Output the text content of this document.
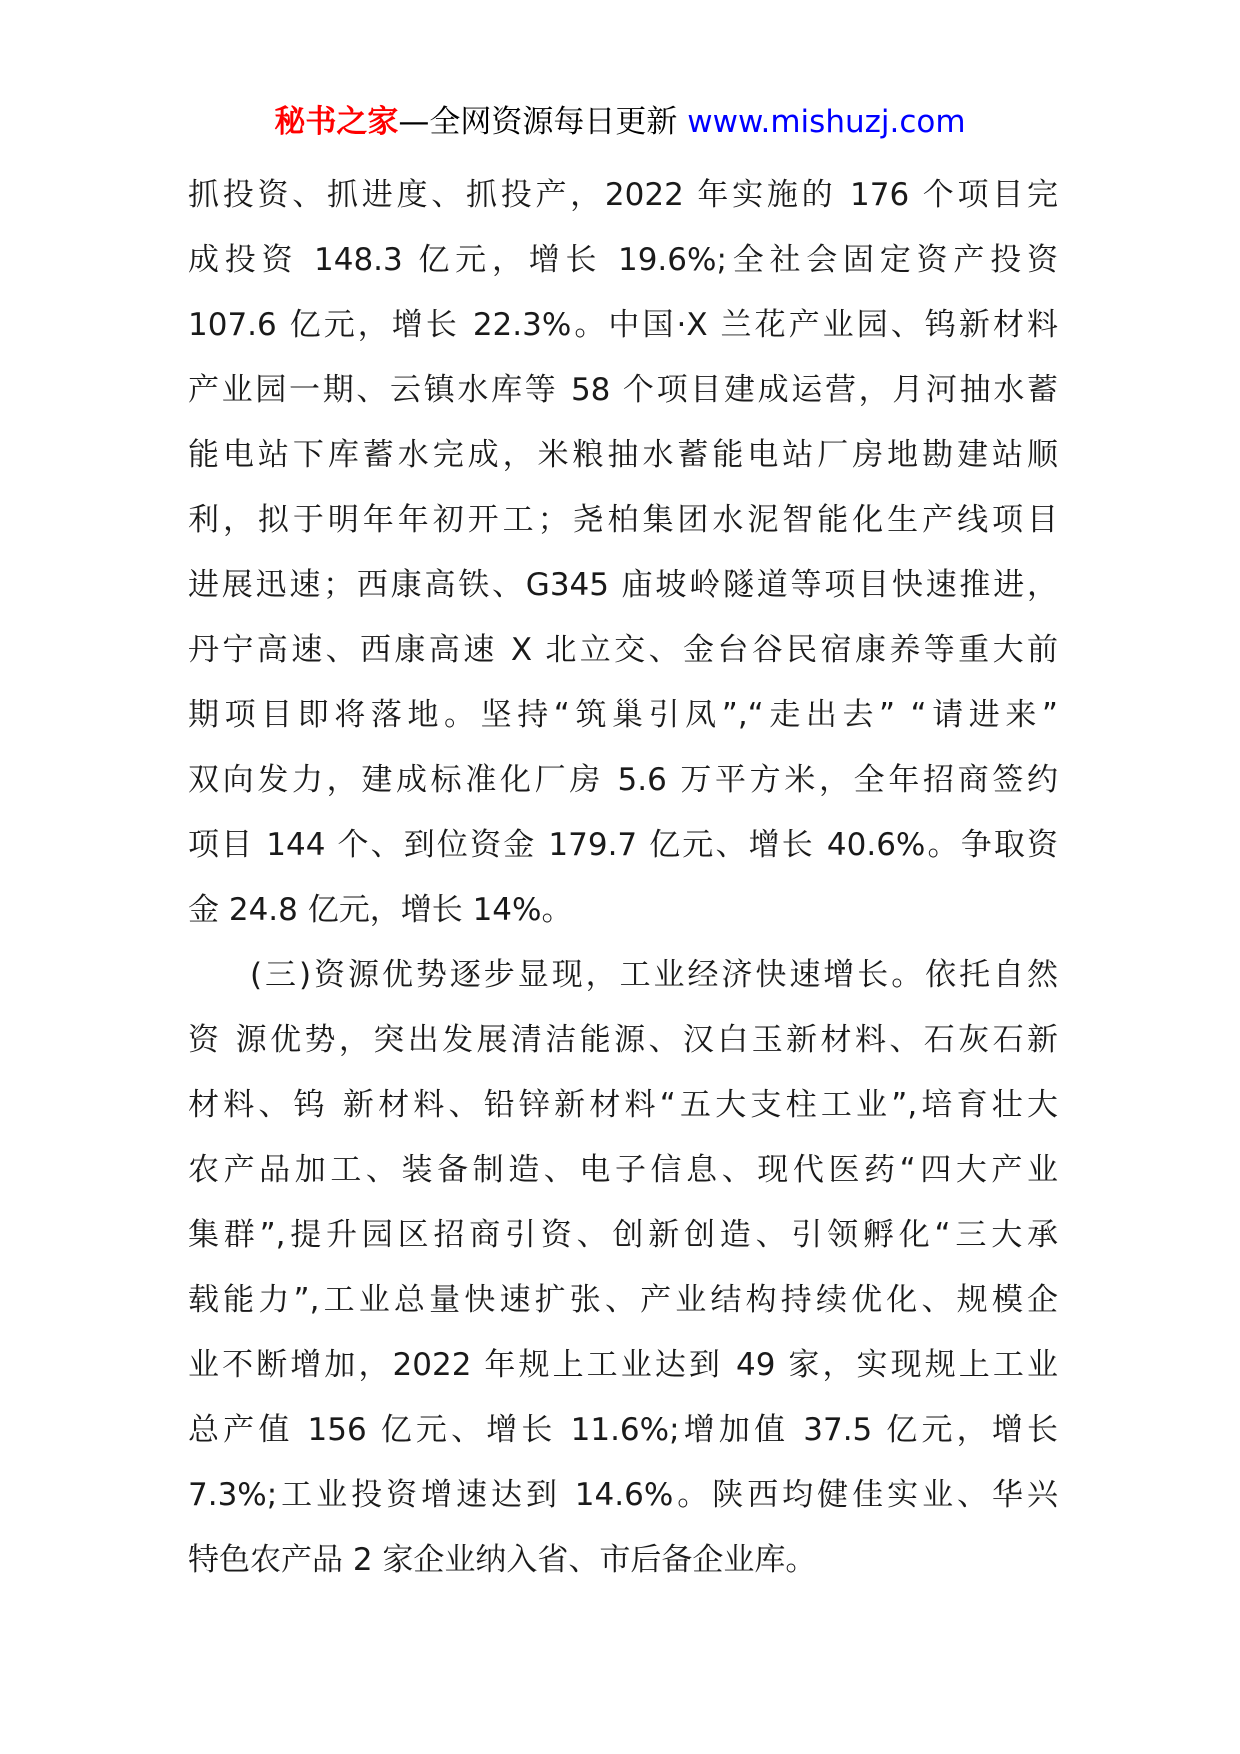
秘书之家—全网资源每日更新 www.mishuzj.com
抓投资、抓进度、抓投产，2022 年实施的 176 个项目完
成投资 148.3 亿元，增长 19.6%;全社会固定资产投资
107.6 亿元，增长 22.3%。中国·X 兰花产业园、钨新材料
产业园一期、云镇水库等 58 个项目建成运营，月河抽水蓄
能电站下库蓄水完成，米粮抽水蓄能电站厂房地勘建站顺
利，拟于明年年初开工；尧柏集团水泥智能化生产线项目
进展迅速；西康高铁、G345 庙坡岭隧道等项目快速推进，
丹宁高速、西康高速 X 北立交、金台谷民宿康养等重大前
期项目即将落地。坚持“筑巢引凤”,“走出去” “请进来”
双向发力，建成标准化厂房 5.6 万平方米，全年招商签约
项目 144 个、到位资金 179.7 亿元、增长 40.6%。争取资
金 24.8 亿元，增长 14%。
(三)资源优势逐步显现，工业经济快速增长。依托自然
资 源优势，突出发展清洁能源、汉白玉新材料、石灰石新
材料、钨 新材料、铅锌新材料“五大支柱工业”,培育壮大
农产品加工、装备制造、电子信息、现代医药“四大产业
集群”,提升园区招商引资、创新创造、引领孵化“三大承
载能力”,工业总量快速扩张、产业结构持续优化、规模企
业不断增加，2022 年规上工业达到 49 家，实现规上工业
总产值 156 亿元、增长 11.6%;增加值 37.5 亿元，增长
7.3%;工业投资增速达到 14.6%。陕西均健佳实业、华兴
特色农产品 2 家企业纳入省、市后备企业库。
